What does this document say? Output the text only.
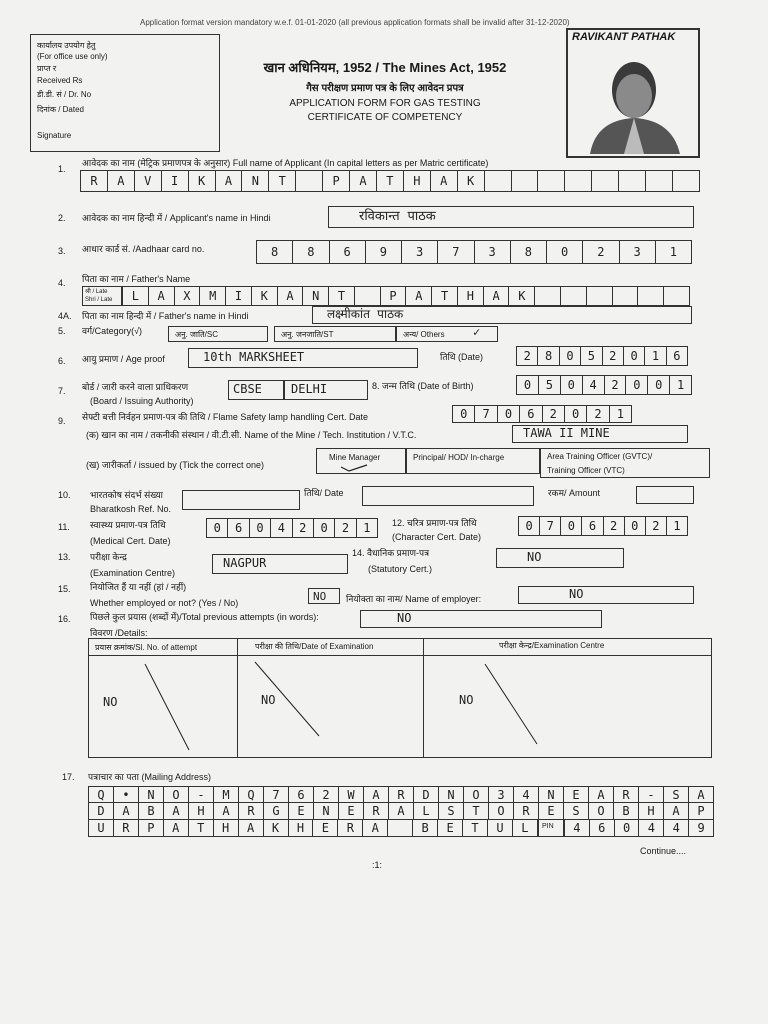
Application format version mandatory w.e.f. 01-01-2020 (all previous application formats shall be invalid after 31-12-2020)
कार्यालय उपयोग हेतु
(For office use only)
प्राप्त र
Received Rs
डी.डी. सं / Dr. No
दिनांक / Dated
Signature
खान अधिनियम, 1952 / The Mines Act, 1952
गैस परीक्षण प्रमाण पत्र के लिए आवेदन प्रपत्र
APPLICATION FORM FOR GAS TESTING
CERTIFICATE OF COMPETENCY
RAVIKANT PATHAK
1.
आवेदक का नाम (मेट्रिक प्रमाणपत्र के अनुसार) Full name of Applicant (In capital letters as per Matric certificate)
R	A	V	I	K	A	N	T	P	A	T	H	A	K
2. आवेदक का नाम हिन्दी में / Applicant's name in Hindi	रविकान्त पाठक
3. आधार कार्ड सं. /Aadhaar card no.	8	8	6	9	3	7	3	8	0	2	3	1
4. पिता का नाम / Father's Name
श्री / Late
Shri / Late	L	A	X	M	I	K	A	N	T	P	A	T	H	A	K
4A. पिता का नाम हिन्दी में / Father's name in Hindi	लक्ष्मीकांत पाठक
5. वर्ग/Category(√)	अनु. जाति/SC	अनु. जनजाति/ST	अन्य/ Others ✓
6. आयु प्रमाण / Age proof	10th MARKSHEET	तिथि (Date)	2	8	0	5	2	0	1	6
7. बोर्ड / जारी करने वाला प्राधिकरण
(Board / Issuing Authority)
CBSE DELHI	8. जन्म तिथि (Date of Birth)	0	5	0	4	2	0	0	1
9. सेफ्टी बत्ती निर्वहन प्रमाण-पत्र की तिथि / Flame Safety lamp handling Cert. Date	0	7	0	6	2	0	2	1
(क) खान का नाम / तकनीकी संस्थान / वी.टी.सी. Name of the Mine / Tech. Institution / V.T.C.	TAWA II MINE
(ख) जारीकर्ता / issued by (Tick the correct one)
Mine Manager	Principal/ HOD/ In-charge	Area Training Officer (GVTC)/
Training Officer (VTC)
10. भारतकोष संदर्भ संख्या
Bharatkosh Ref. No.
तिथि/ Date	रकम/ Amount
11. स्वास्थ्य प्रमाण-पत्र तिथि
(Medical Cert. Date)
0	6	0	4	2	0	2	1	12. चरित्र प्रमाण-पत्र तिथि
(Character Cert. Date)
0	7	0	6	2	0	2	1
13. परीक्षा केन्द्र
(Examination Centre)
NAGPUR
14. वैधानिक प्रमाण-पत्र
(Statutory Cert.)
NO
15. नियोजित हैं या नहीं (हां / नहीं)
Whether employed or not? (Yes / No)	NO नियोक्ता का नाम/ Name of employer:	NO
16. पिछले कुल प्रयास (शब्दों में)/Total previous attempts (in words):	NO
विवरण /Details:
प्रयास क्रमांक/Sl. No. of attempt	परीक्षा की तिथि/Date of Examination	परीक्षा केन्द्र/Examination Centre
NO	NO	NO
17. पत्राचार का पता (Mailing Address)
Q	•	N	O	-	M	Q	7	6	2	W	A	R	D	N	O	3	4	N	E	A	R	-	S	A
D	A	B	A	H	A	R	G	E	N	E	R	A	L	S	T	O	R	E	S	O	B	H	A	P
U	R	P	A	T	H	A	K	H	E	R	A	B	E	T	U	L	PIN	4	6	0	4	4	9
Continue....
:1:
